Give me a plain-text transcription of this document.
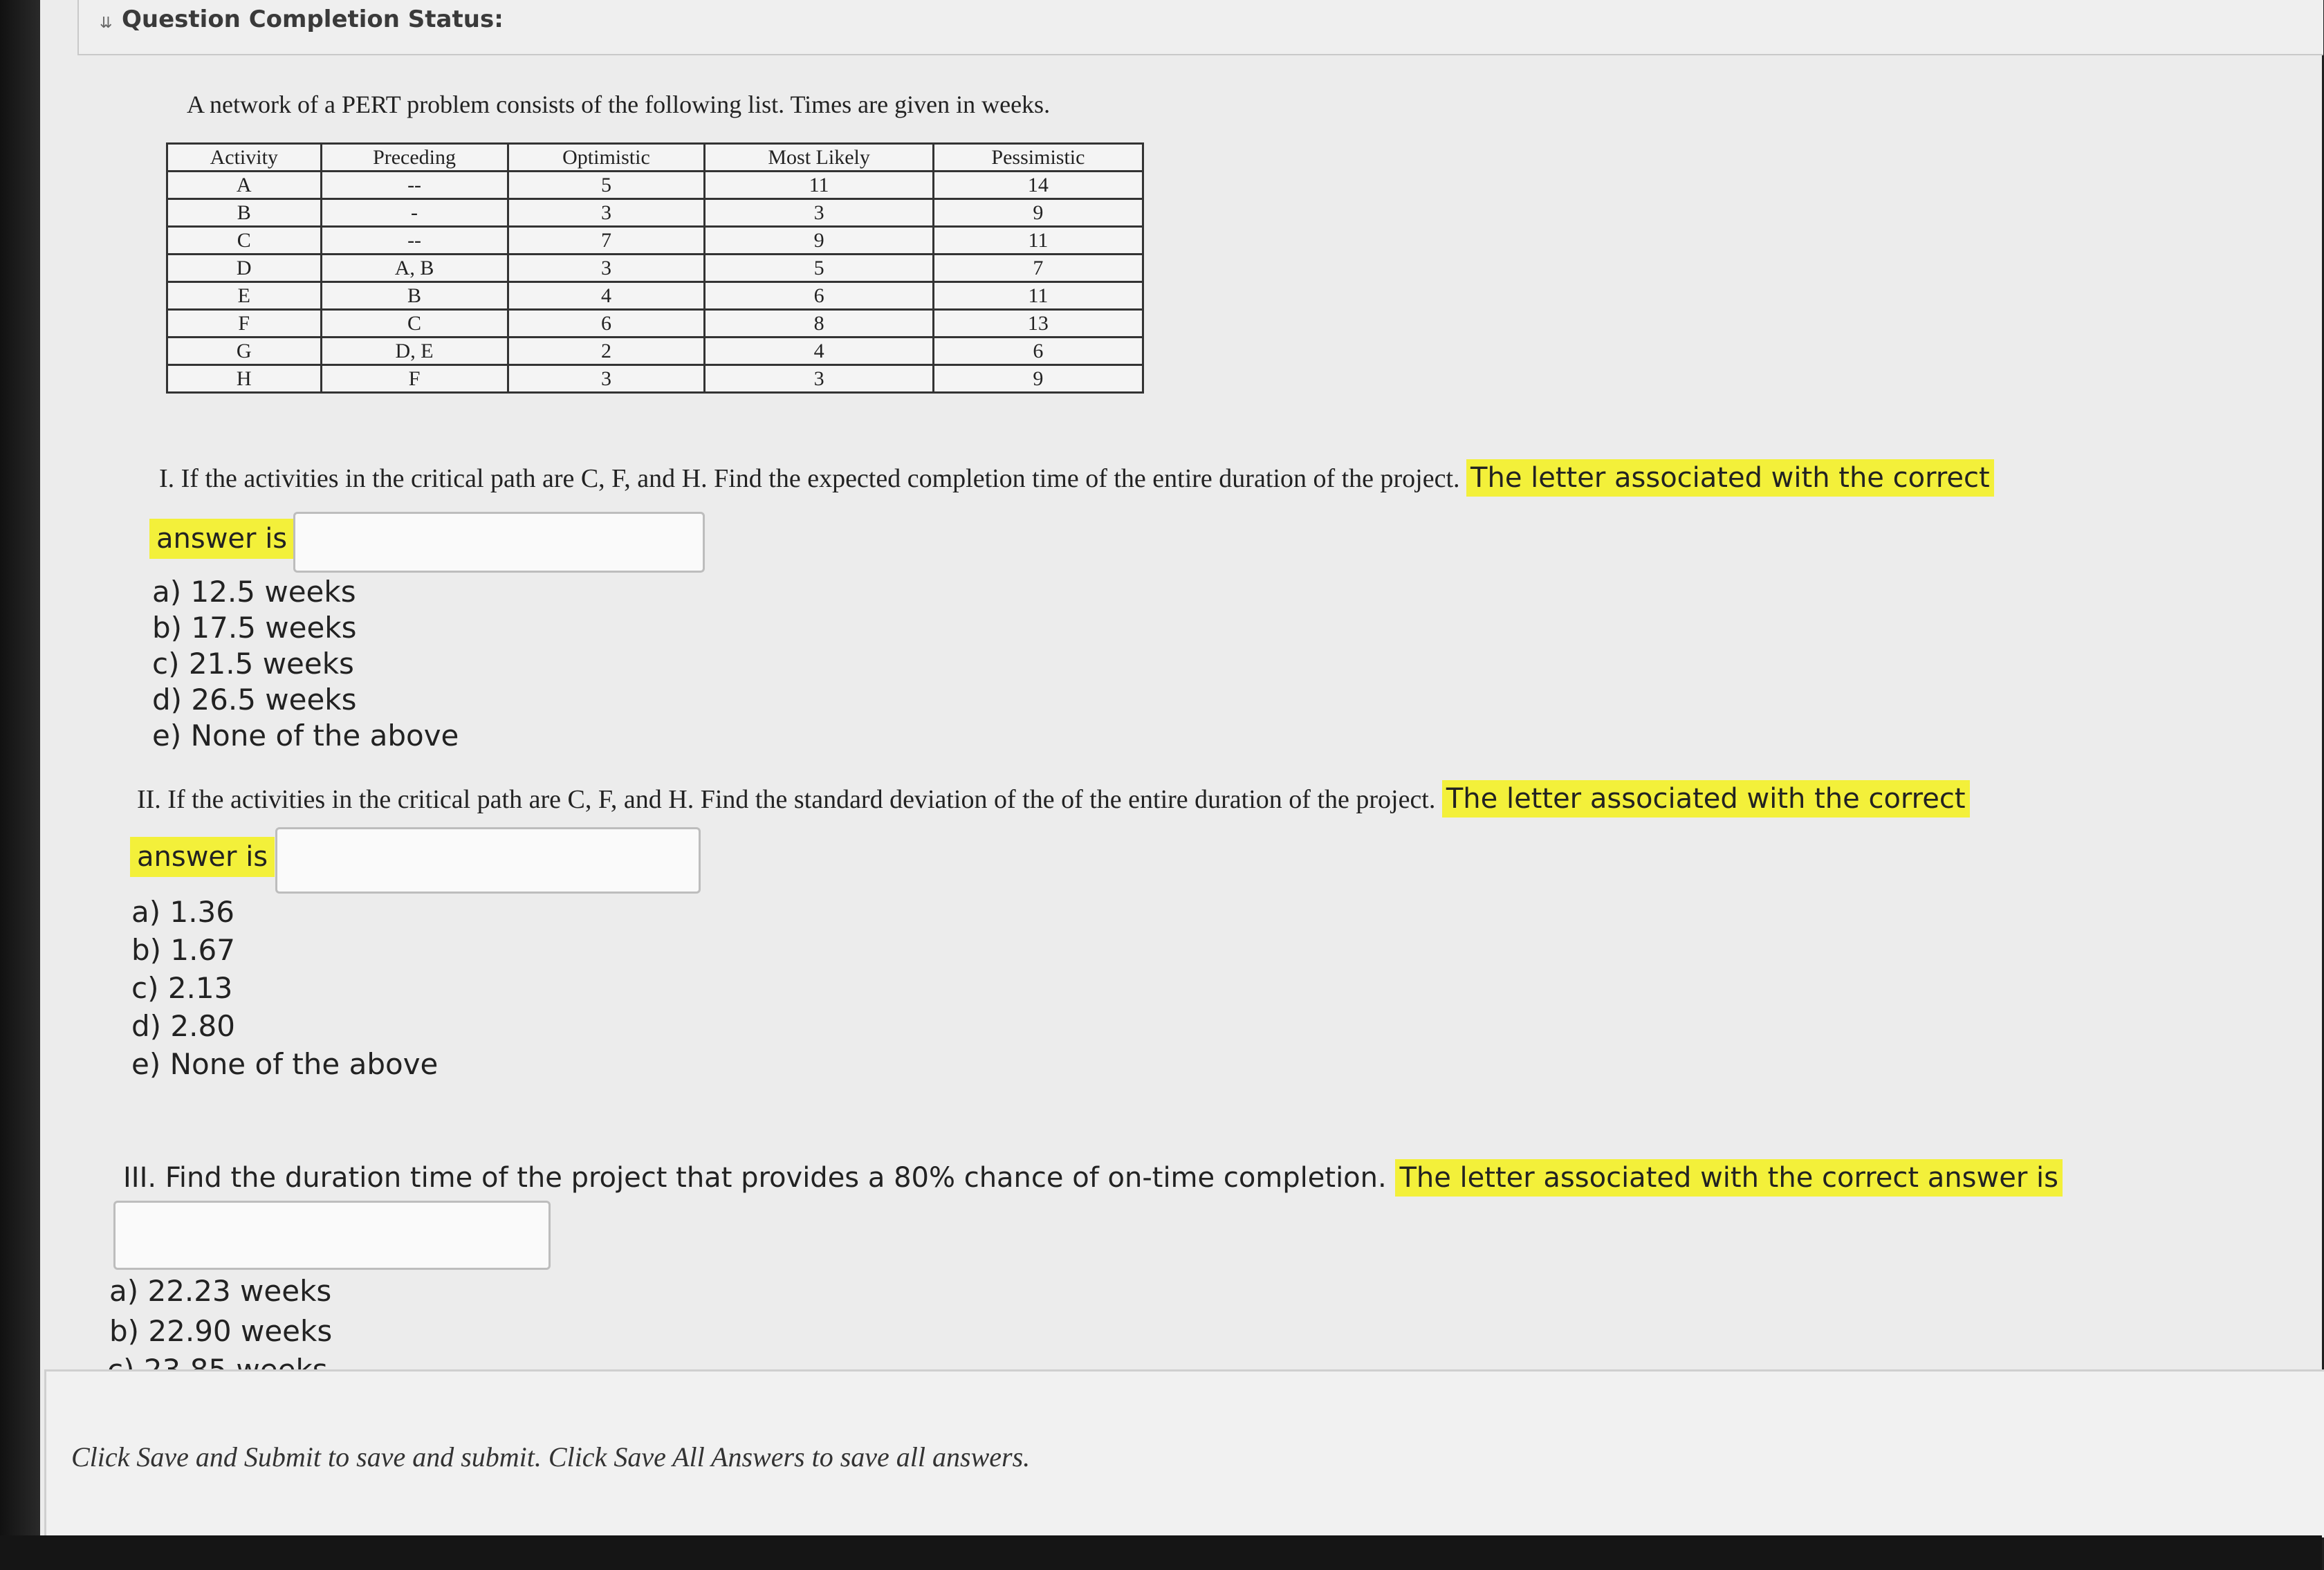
⇊ Question Completion Status:
A network of a PERT problem consists of the following list. Times are given in weeks.
Activity	Preceding	Optimistic	Most Likely	Pessimistic
A	--	5	11	14
B	-	3	3	9
C	--	7	9	11
D	A, B	3	5	7
E	B	4	6	11
F	C	6	8	13
G	D, E	2	4	6
H	F	3	3	9
I. If the activities in the critical path are C, F, and H. Find the expected completion time of the entire duration of the project. The letter associated with the correct
answer is
a) 12.5 weeks
b) 17.5 weeks
c) 21.5 weeks
d) 26.5 weeks
e) None of the above
II. If the activities in the critical path are C, F, and H. Find the standard deviation of the of the entire duration of the project. The letter associated with the correct
answer is
a) 1.36
b) 1.67
c) 2.13
d) 2.80
e) None of the above
III. Find the duration time of the project that provides a 80% chance of on-time completion. The letter associated with the correct answer is
a) 22.23 weeks
b) 22.90 weeks
Click Save and Submit to save and submit. Click Save All Answers to save all answers.
